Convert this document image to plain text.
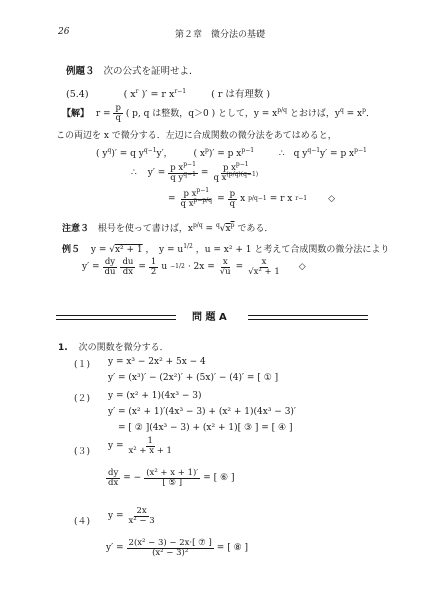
26	第２章　微分法の基礎
例題３ 次の公式を証明せよ．
(5.4)	( $x^r$ )′ = r $x^{r-1}$	( r は有理数 )
【解】 $r = \frac{p}{q}$ ( p, q は整数，q＞0 ) として，$y = x^{p/q}$ とおけば，$y^q = x^p$．
この両辺を x で微分する．左辺に合成関数の微分法をあてはめると，
( $y^q)' = q$ $y^{q-1}y'$， ( $x^p)' = p$ $x^{p-1}$	∴　q $y^{q-1}y' = p$ $x^{p-1}$
∴ $y' = \frac{p x^{p-1}}{q y^{q-1}} = \frac{p x^{p-1}}{q x^{(p/q)(q-1)}}$
= $\frac{p x^{p-1}}{q x^{p-p/q}} = \frac{p}{q}$ x p/q−1 = r x r−1 ◇
注意３ 根号を使って書けば，$x^{p/q} = ^q√x^p$ である．
例５ y = √x² + 1 ，　$y = u^{1/2}$ ，u = x² + 1 と考えて合成関数の微分法により
$y' = \frac{dy}{du} \frac{du}{dx} = \frac{1}{2}$ $u -1/2 \cdot 2x = \frac{x}{√u} = \frac{x}{\text{√x² + 1}}$ ◇
問 題 A
1. 次の関数を微分する．
(１) y = x³ − 2x² + 5x − 4
y′ = (x³)′ − (2x²)′ + (5x)′ − (4)′ = [ ① ]
(２) y = (x² + 1)(4x³ − 3)
y′ = (x² + 1)′(4x³ − 3) + (x² + 1)(4x³ − 3)′
= [ ② ](4x³ − 3) + (x² + 1)[ ③ ] = [ ④ ]
(３)
$y = \frac{1}{\text{x² + x + 1}}$
$\frac{dy}{dx}$ = − $\frac{\text{(x² + x + 1)′}}{\text{[ ⑤ ]}}$ = [ ⑥ ]
(４)
$y = \frac{2x}{\text{x² − 3}}$
$y' = \frac{\text{2(x² − 3) − 2x·[ ⑦ ]}}{\text{(x² − 3)²}}$ = [ ⑧ ]
